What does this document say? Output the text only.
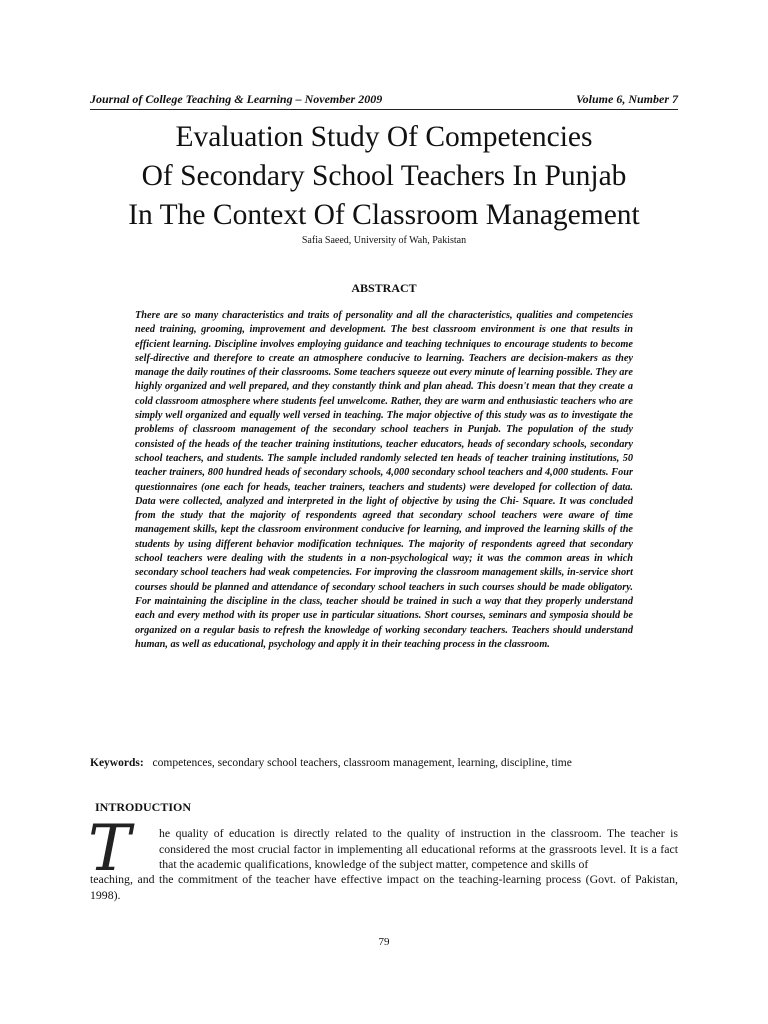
Journal of College Teaching & Learning – November 2009	Volume 6, Number 7
Evaluation Study Of Competencies
Of Secondary School Teachers In Punjab
In The Context Of Classroom Management
Safia Saeed, University of Wah, Pakistan
ABSTRACT

There are so many characteristics and traits of personality and all the characteristics, qualities and competencies need training, grooming, improvement and development. The best classroom environment is one that results in efficient learning. Discipline involves employing guidance and teaching techniques to encourage students to become self-directive and therefore to create an atmosphere conducive to learning. Teachers are decision-makers as they manage the daily routines of their classrooms. Some teachers squeeze out every minute of learning possible. They are highly organized and well prepared, and they constantly think and plan ahead. This doesn't mean that they create a cold classroom atmosphere where students feel unwelcome. Rather, they are warm and enthusiastic teachers who are simply well organized and equally well versed in teaching. The major objective of this study was as to investigate the problems of classroom management of the secondary school teachers in Punjab. The population of the study consisted of the heads of the teacher training institutions, teacher educators, heads of secondary schools, secondary school teachers, and students. The sample included randomly selected ten heads of teacher training institutions, 50 teacher trainers, 800 hundred heads of secondary schools, 4,000 secondary school teachers and 4,000 students. Four questionnaires (one each for heads, teacher trainers, teachers and students) were developed for collection of data. Data were collected, analyzed and interpreted in the light of objective by using the Chi- Square. It was concluded from the study that the majority of respondents agreed that secondary school teachers were aware of time management skills, kept the classroom environment conducive for learning, and improved the learning skills of the students by using different behavior modification techniques. The majority of respondents agreed that secondary school teachers were dealing with the students in a non-psychological way; it was the common areas in which secondary school teachers had weak competencies. For improving the classroom management skills, in-service short courses should be planned and attendance of secondary school teachers in such courses should be made obligatory. For maintaining the discipline in the class, teacher should be trained in such a way that they properly understand each and every method with its proper use in particular situations. Short courses, seminars and symposia should be organized on a regular basis to refresh the knowledge of working secondary teachers. Teachers should understand human, as well as educational, psychology and apply it in their teaching process in the classroom.

Keywords: competences, secondary school teachers, classroom management, learning, discipline, time
INTRODUCTION
T he quality of education is directly related to the quality of instruction in the classroom. The teacher is considered the most crucial factor in implementing all educational reforms at the grassroots level. It is a fact that the academic qualifications, knowledge of the subject matter, competence and skills of

teaching, and the commitment of the teacher have effective impact on the teaching-learning process (Govt. of Pakistan, 1998).

79
